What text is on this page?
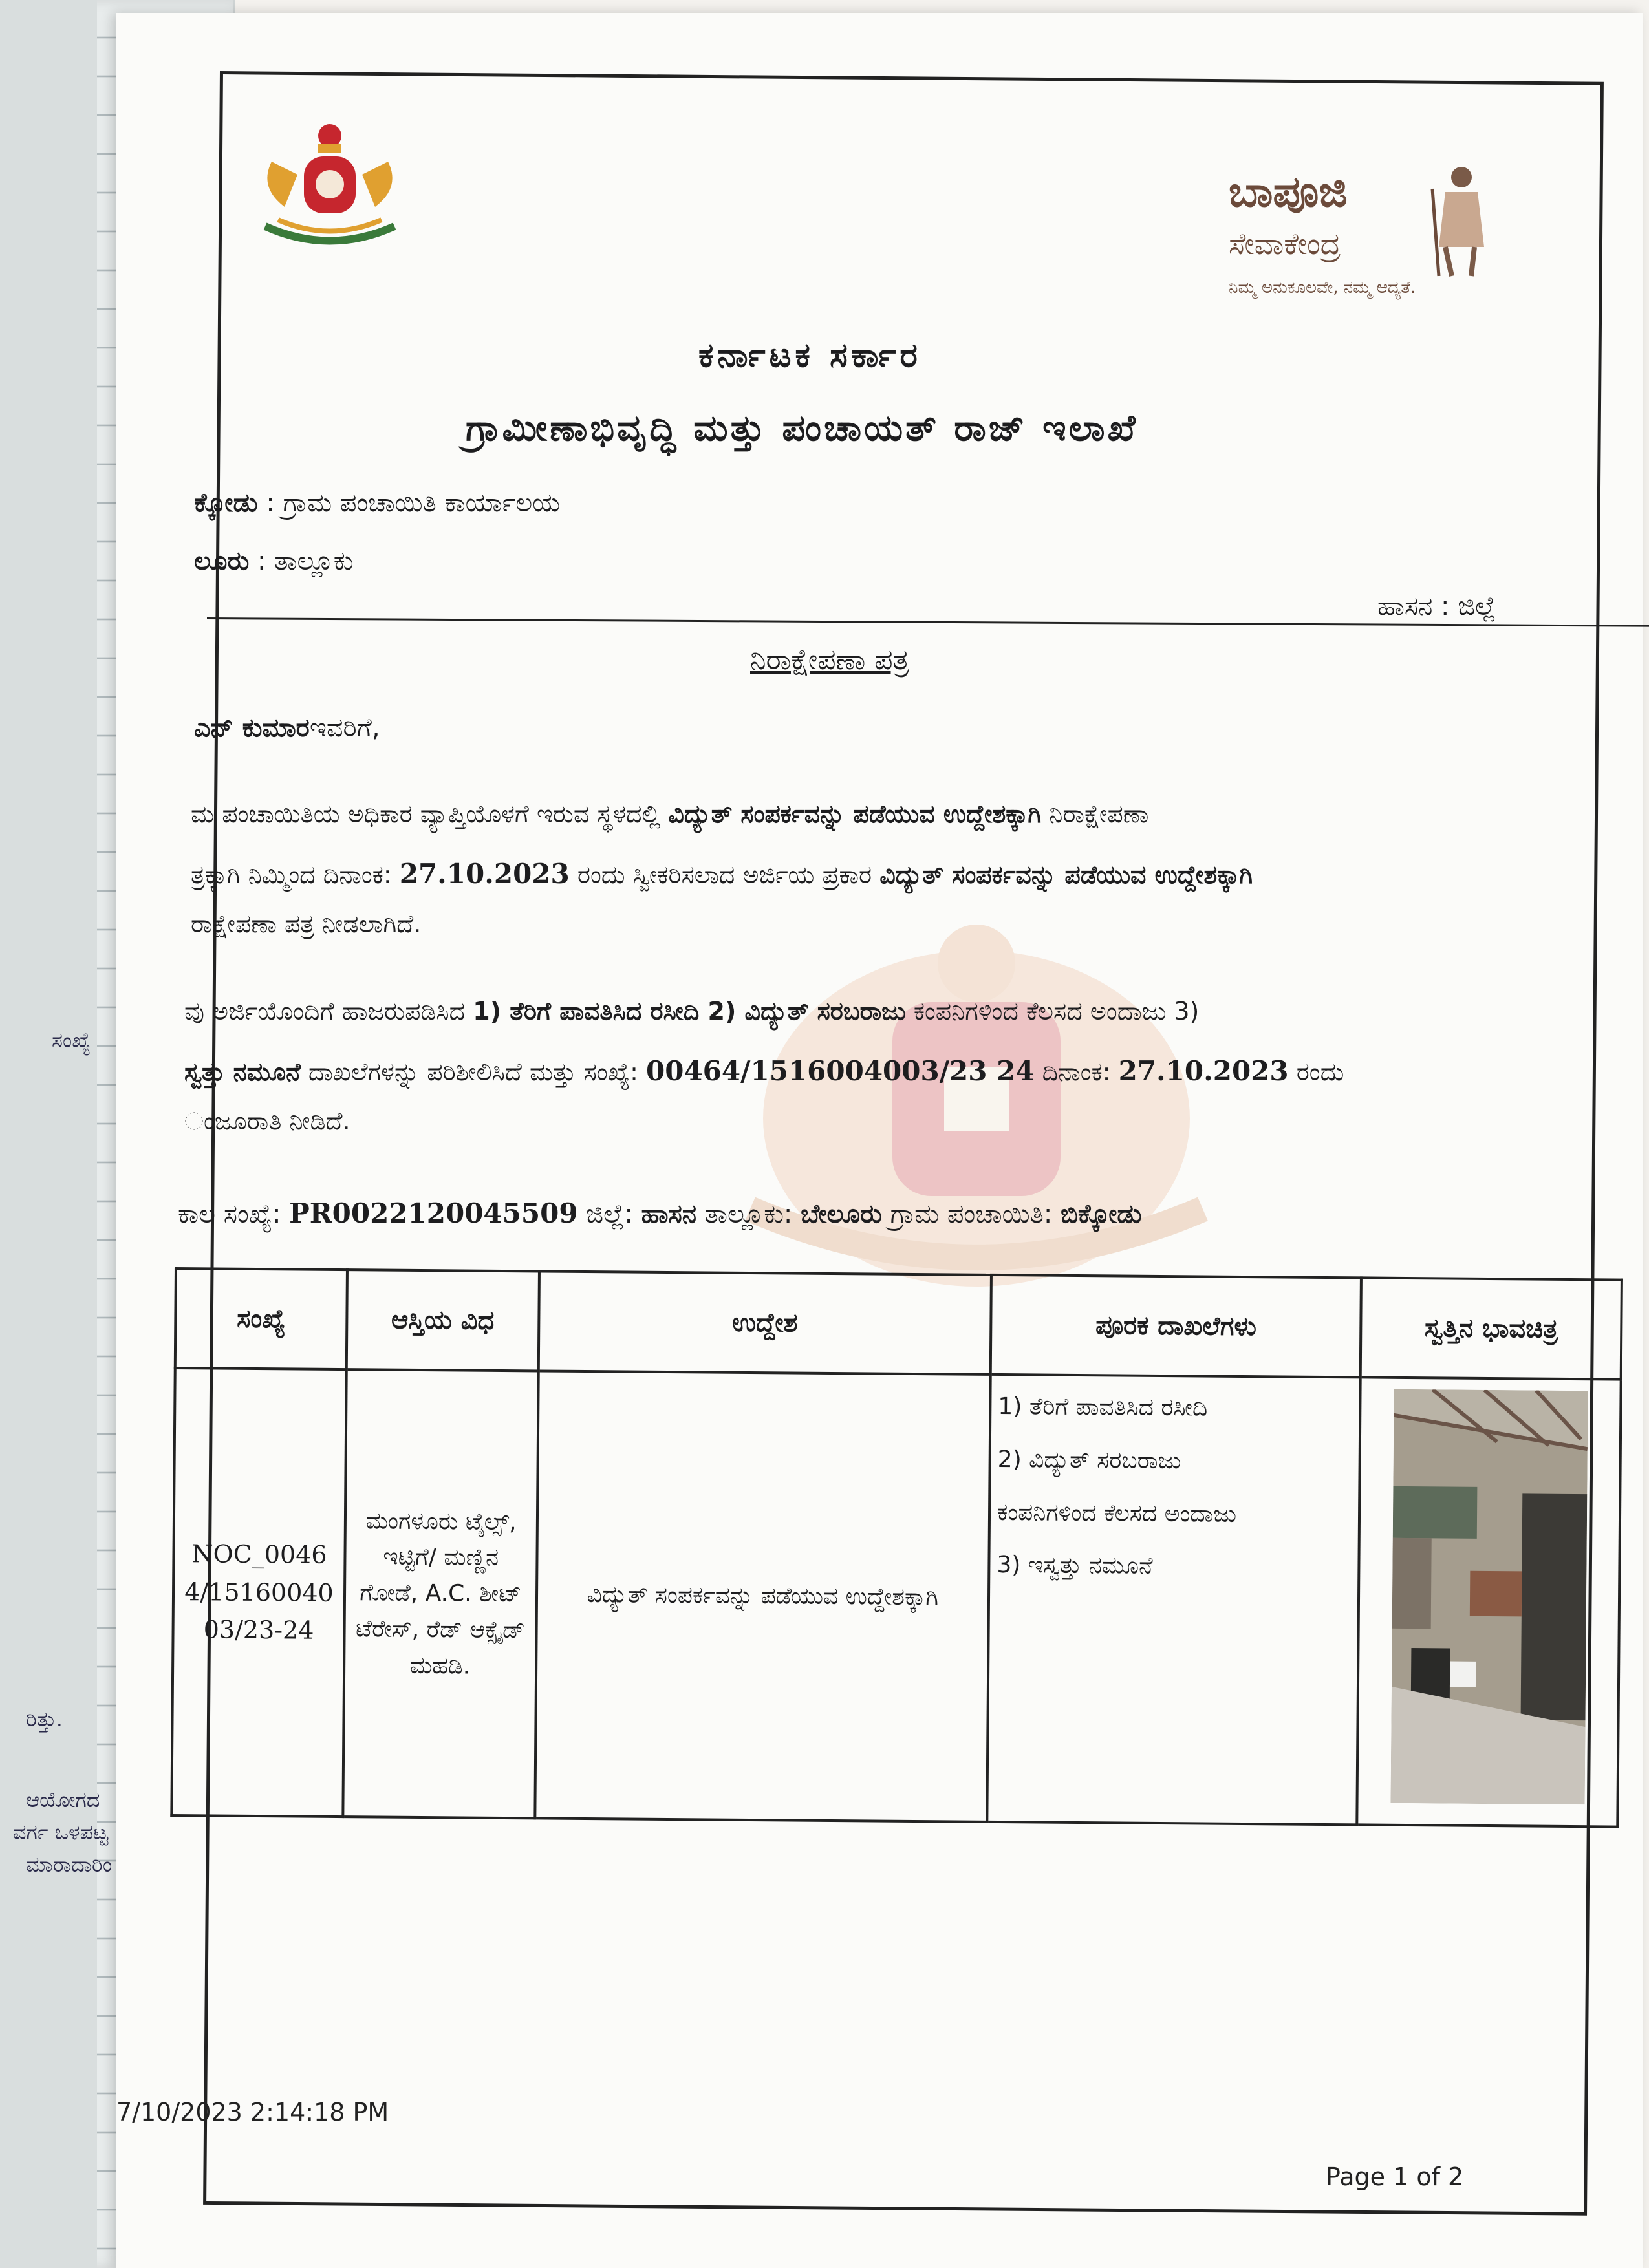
ಸಂಖ್ಯೆ
ರಿತ್ತು.
ಆಯೋಗದ
ವರ್ಗ ಒಳಪಟ್ಟ
ಮಾರಾದಾರಿಂ
ಬಾಪೂಜಿ
ಸೇವಾಕೇಂದ್ರ
ನಿಮ್ಮ ಅನುಕೂಲವೇ, ನಮ್ಮ ಆದ್ಯತೆ.
ಕರ್ನಾಟಕ ಸರ್ಕಾರ
ಗ್ರಾಮೀಣಾಭಿವೃದ್ಧಿ ಮತ್ತು ಪಂಚಾಯತ್ ರಾಜ್ ಇಲಾಖೆ
ಕ್ಕೋಡು : ಗ್ರಾಮ ಪಂಚಾಯಿತಿ ಕಾರ್ಯಾಲಯ
ಲೂರು : ತಾಲ್ಲೂಕು
ಹಾಸನ : ಜಿಲ್ಲೆ
ನಿರಾಕ್ಷೇಪಣಾ ಪತ್ರ
ಎನ್ ಕುಮಾರಇವರಿಗೆ,
ಮ ಪಂಚಾಯಿತಿಯ ಅಧಿಕಾರ ವ್ಯಾಪ್ತಿಯೊಳಗೆ ಇರುವ ಸ್ಥಳದಲ್ಲಿ ವಿದ್ಯುತ್ ಸಂಪರ್ಕವನ್ನು ಪಡೆಯುವ ಉದ್ದೇಶಕ್ಕಾಗಿ ನಿರಾಕ್ಷೇಪಣಾ
ತ್ರಕ್ಕಾಗಿ ನಿಮ್ಮಿಂದ ದಿನಾಂಕ: 27.10.2023 ರಂದು ಸ್ವೀಕರಿಸಲಾದ ಅರ್ಜಿಯ ಪ್ರಕಾರ ವಿದ್ಯುತ್ ಸಂಪರ್ಕವನ್ನು ಪಡೆಯುವ ಉದ್ದೇಶಕ್ಕಾಗಿ
ರಾಕ್ಷೇಪಣಾ ಪತ್ರ ನೀಡಲಾಗಿದೆ.
ವು ಅರ್ಜಿಯೊಂದಿಗೆ ಹಾಜರುಪಡಿಸಿದ 1) ತೆರಿಗೆ ಪಾವತಿಸಿದ ರಸೀದಿ 2) ವಿದ್ಯುತ್ ಸರಬರಾಜು ಕಂಪನಿಗಳಿಂದ ಕೆಲಸದ ಅಂದಾಜು 3)
ಸ್ವತ್ತು ನಮೂನೆ ದಾಖಲೆಗಳನ್ನು ಪರಿಶೀಲಿಸಿದೆ ಮತ್ತು ಸಂಖ್ಯೆ: 00464/1516004003/23 24 ದಿನಾಂಕ: 27.10.2023 ರಂದು
ಂಜೂರಾತಿ ನೀಡಿದೆ.
ಕಾಲ ಸಂಖ್ಯೆ: PR0022120045509 ಜಿಲ್ಲೆ: ಹಾಸನ ತಾಲ್ಲೂಕು: ಬೇಲೂರು ಗ್ರಾಮ ಪಂಚಾಯಿತಿ: ಬಿಕ್ಕೋಡು
ಸಂಖ್ಯೆ	ಆಸ್ತಿಯ ವಿಧ	ಉದ್ದೇಶ	ಪೂರಕ ದಾಖಲೆಗಳು	ಸ್ವತ್ತಿನ ಭಾವಚಿತ್ರ
NOC_00464/1516004003/23-24	ಮಂಗಳೂರು ಟೈಲ್ಸ್, ಇಟ್ಟಿಗೆ/ ಮಣ್ಣಿನ ಗೋಡೆ, A.C. ಶೀಟ್ ಟೆರೇಸ್, ರೆಡ್ ಆಕ್ಸೈಡ್ ಮಹಡಿ.	ವಿದ್ಯುತ್ ಸಂಪರ್ಕವನ್ನು ಪಡೆಯುವ ಉದ್ದೇಶಕ್ಕಾಗಿ	1) ತೆರಿಗೆ ಪಾವತಿಸಿದ ರಸೀದಿ
2) ವಿದ್ಯುತ್ ಸರಬರಾಜು
ಕಂಪನಿಗಳಿಂದ ಕೆಲಸದ ಅಂದಾಜು
3) ಇಸ್ವತ್ತು ನಮೂನೆ

7/10/2023 2:14:18 PM
Page 1 of 2
